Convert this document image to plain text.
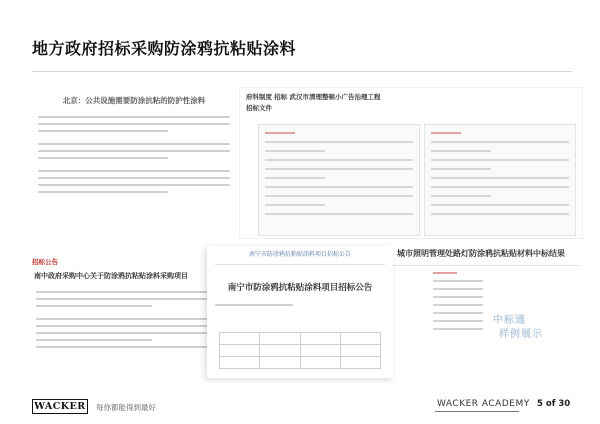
地方政府招标采购防涂鸦抗粘贴涂料
北京：公共设施需要防涂抗粘的防护性涂料	府科制度 招标 武汉市清理整顿小广告治理工程
招标文件
招标公告
南中政府采购中心关于防涂鸦抗粘贴涂料采购项目
城市照明管理处路灯防涂鸦抗粘贴材料中标结果
中标通
样例展示
南宁市防涂鸦抗粘贴涂料项目招标公告
南宁市防涂鸦抗粘贴涂料项目招标公告

WACKER	每你都能得到最好	WACKER ACADEMY 5 of 30
